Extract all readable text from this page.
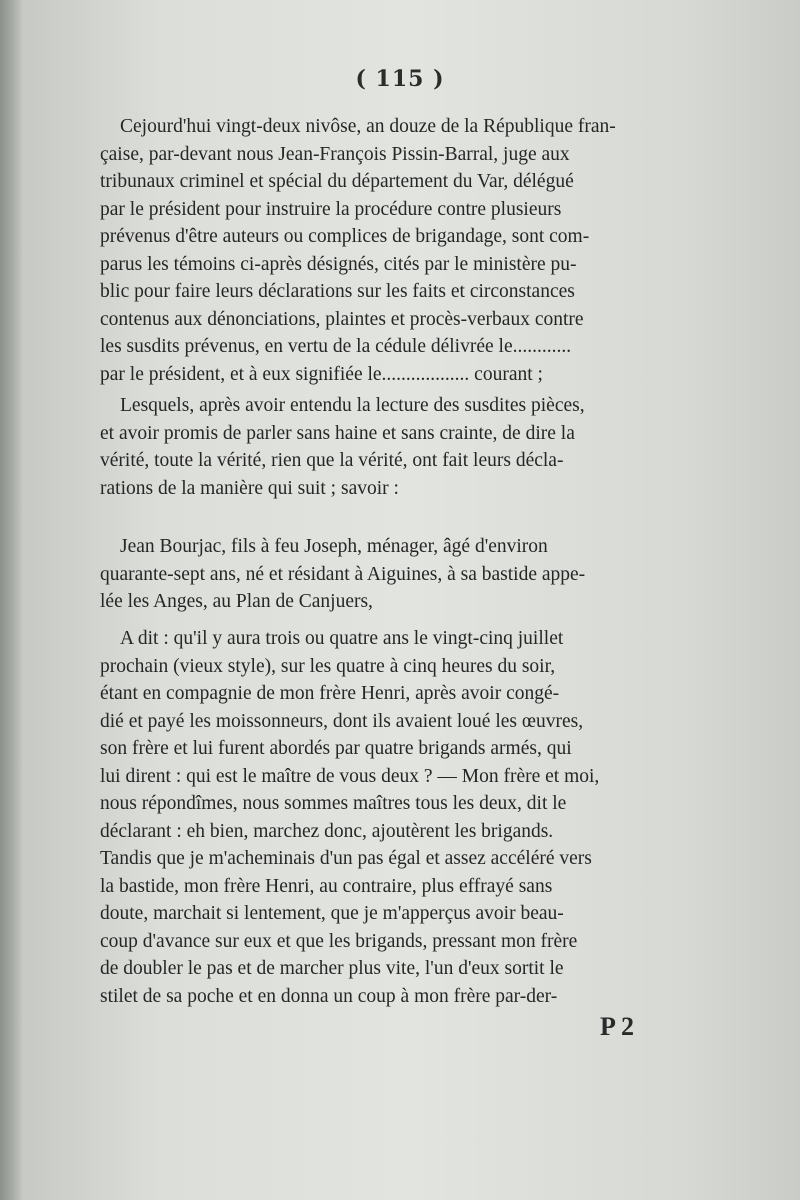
( 115 )
Cejourd'hui vingt-deux nivôse, an douze de la République fran-
çaise, par-devant nous Jean-François Pissin-Barral, juge aux
tribunaux criminel et spécial du département du Var, délégué
par le président pour instruire la procédure contre plusieurs
prévenus d'être auteurs ou complices de brigandage, sont com-
parus les témoins ci-après désignés, cités par le ministère pu-
blic pour faire leurs déclarations sur les faits et circonstances
contenus aux dénonciations, plaintes et procès-verbaux contre
les susdits prévenus, en vertu de la cédule délivrée le............
par le président, et à eux signifiée le.................. courant ;
Lesquels, après avoir entendu la lecture des susdites pièces,
et avoir promis de parler sans haine et sans crainte, de dire la
vérité, toute la vérité, rien que la vérité, ont fait leurs décla-
rations de la manière qui suit ; savoir :
Jean Bourjac, fils à feu Joseph, ménager, âgé d'environ
quarante-sept ans, né et résidant à Aiguines, à sa bastide appe-
lée les Anges, au Plan de Canjuers,
A dit : qu'il y aura trois ou quatre ans le vingt-cinq juillet
prochain (vieux style), sur les quatre à cinq heures du soir,
étant en compagnie de mon frère Henri, après avoir congé-
dié et payé les moissonneurs, dont ils avaient loué les œuvres,
son frère et lui furent abordés par quatre brigands armés, qui
lui dirent : qui est le maître de vous deux ? — Mon frère et moi,
nous répondîmes, nous sommes maîtres tous les deux, dit le
déclarant : eh bien, marchez donc, ajoutèrent les brigands.
Tandis que je m'acheminais d'un pas égal et assez accéléré vers
la bastide, mon frère Henri, au contraire, plus effrayé sans
doute, marchait si lentement, que je m'apperçus avoir beau-
coup d'avance sur eux et que les brigands, pressant mon frère
de doubler le pas et de marcher plus vite, l'un d'eux sortit le
stilet de sa poche et en donna un coup à mon frère par-der-
P 2
